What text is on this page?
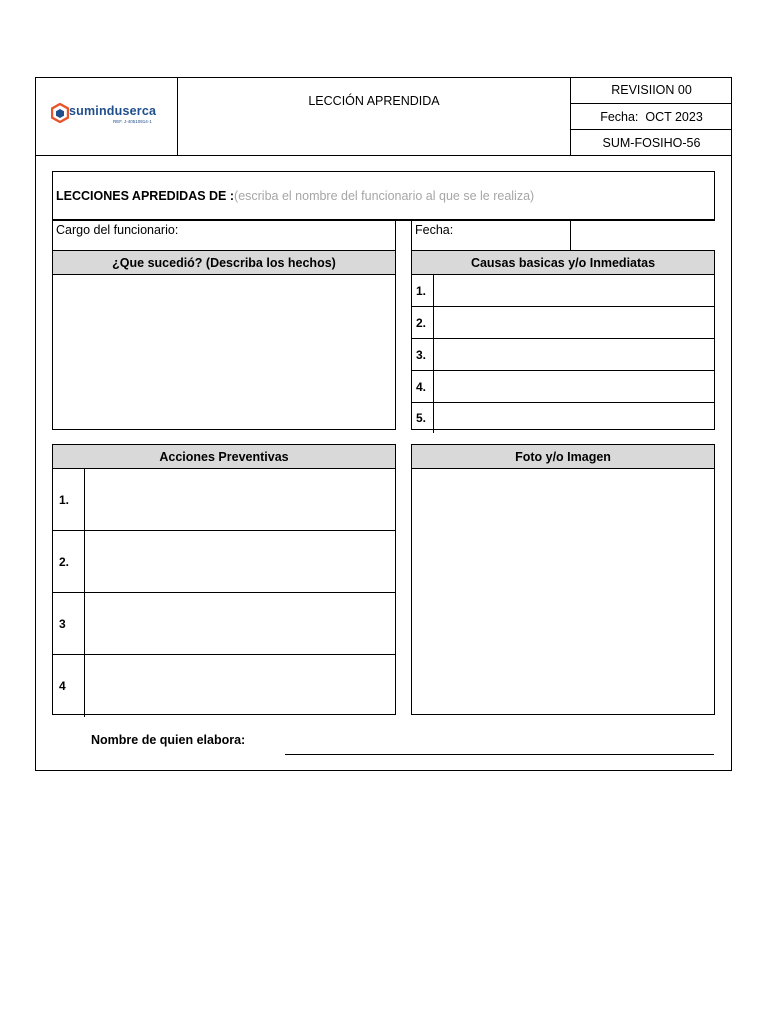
suminduserca
REF. J-40510914-1
LECCIÓN APRENDIDA
REVISIION 00
Fecha:  OCT 2023
SUM-FOSIHO-56
LECCIONES APREDIDAS DE : (escriba el nombre del funcionario al que se le realiza)
Cargo del funcionario:	Fecha:
¿Que sucedió? (Describa los hechos)	Causas basicas y/o Inmediatas
1.
2.
3.
4.
5.
Acciones Preventivas
1.
2.
3
4
Foto y/o Imagen
Nombre de quien elabora:
